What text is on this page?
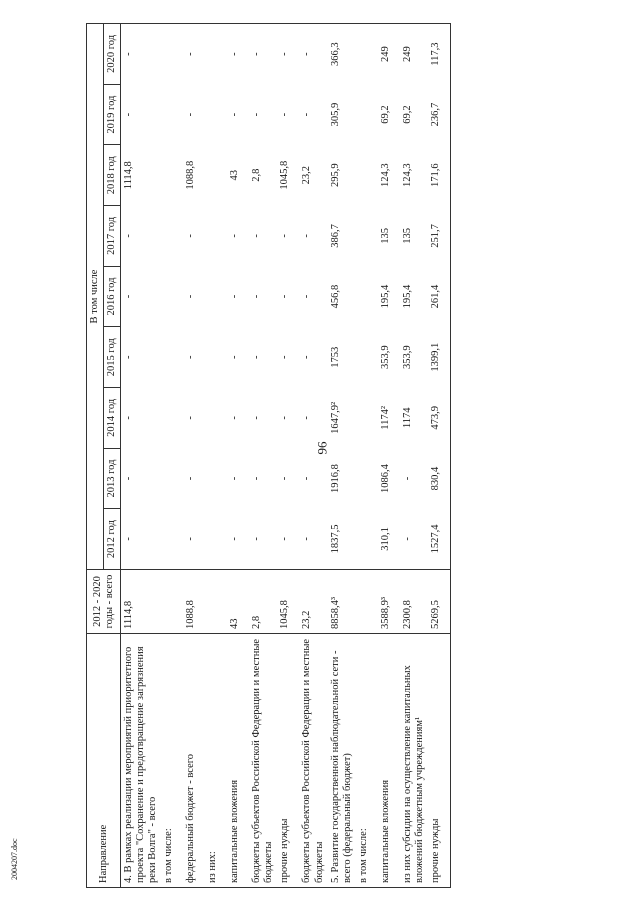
96
2004207.doc	Направление	2012 - 2020 годы - всего	В том числе								
		2012 год	2013 год	2014 год	2015 год	2016 год	2017 год	2018 год	2019 год	2020 год
4. В рамках реализации мероприятий приоритетного проекта "Сохранение и предотвращение загрязнения реки Волга" - всего	1114,8	-	-	-	-	-	-	1114,8	-	-
в том числе:										
федеральный бюджет - всего	1088,8	-	-	-	-	-	-	1088,8	-	-
из них:										
капитальные вложения	43	-	-	-	-	-	-	43	-	-
бюджеты субъектов Российской Федерации и местные бюджеты	2,8	-	-	-	-	-	-	2,8	-	-
прочие нужды	1045,8	-	-	-	-	-	-	1045,8	-	-
бюджеты субъектов Российской Федерации и местные бюджеты	23,2	-	-	-	-	-	-	23,2	-	-
5. Развитие государственной наблюдательной сети - всего (федеральный бюджет)	8858,4³	1837,5	1916,8	1647,9²	1753	456,8	386,7	295,9	305,9	366,3
в том числе:										
капитальные вложения	3588,9³	310,1	1086,4	1174²	353,9	195,4	135	124,3	69,2	249
из них субсидии на осуществление капитальных вложений бюджетным учреждениям¹	2300,8	-	-	1174	353,9	195,4	135	124,3	69,2	249
прочие нужды	5269,5	1527,4	830,4	473,9	1399,1	261,4	251,7	171,6	236,7	117,3
